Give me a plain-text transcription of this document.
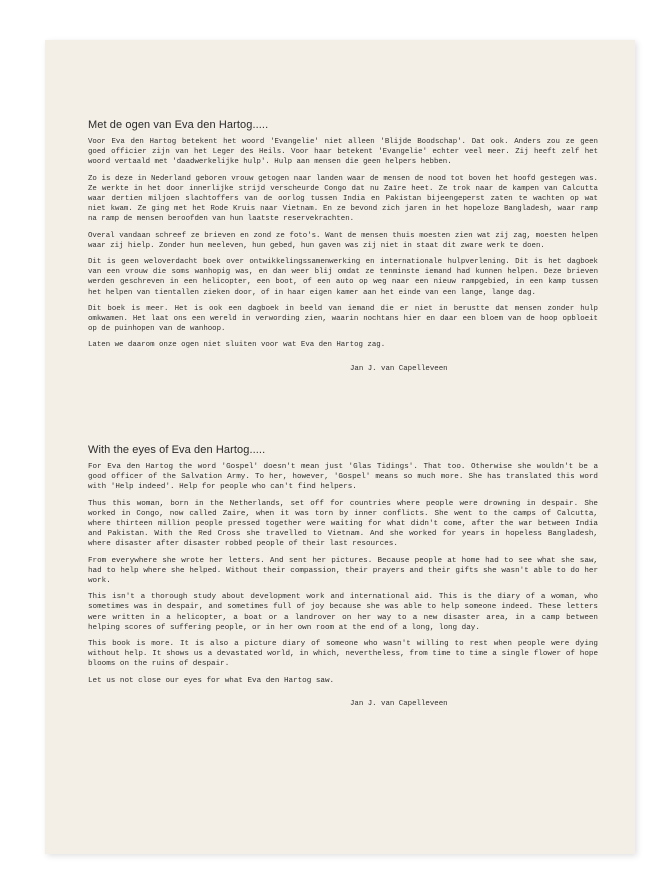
Met de ogen van Eva den Hartog.....

Voor Eva den Hartog betekent het woord 'Evangelie' niet alleen 'Blijde Boodschap'. Dat ook. Anders zou ze geen goed officier zijn van het Leger des Heils. Voor haar betekent 'Evangelie' echter veel meer. Zij heeft zelf het woord vertaald met 'daadwerkelijke hulp'. Hulp aan mensen die geen helpers hebben.

Zo is deze in Nederland geboren vrouw getogen naar landen waar de mensen de nood tot boven het hoofd gestegen was. Ze werkte in het door innerlijke strijd verscheurde Congo dat nu Zaïre heet. Ze trok naar de kampen van Calcutta waar dertien miljoen slachtoffers van de oorlog tussen India en Pakistan bijeengeperst zaten te wachten op wat niet kwam. Ze ging met het Rode Kruis naar Vietnam. En ze bevond zich jaren in het hopeloze Bangladesh, waar ramp na ramp de mensen beroofden van hun laatste reservekrachten.

Overal vandaan schreef ze brieven en zond ze foto's. Want de mensen thuis moesten zien wat zij zag, moesten helpen waar zij hielp. Zonder hun meeleven, hun gebed, hun gaven was zij niet in staat dit zware werk te doen.

Dit is geen weloverdacht boek over ontwikkelingssamenwerking en internationale hulpverlening. Dit is het dagboek van een vrouw die soms wanhopig was, en dan weer blij omdat ze tenminste iemand had kunnen helpen. Deze brieven werden geschreven in een helicopter, een boot, of een auto op weg naar een nieuw rampgebied, in een kamp tussen het helpen van tientallen zieken door, of in haar eigen kamer aan het einde van een lange, lange dag.

Dit boek is meer. Het is ook een dagboek in beeld van iemand die er niet in berustte dat mensen zonder hulp omkwamen. Het laat ons een wereld in verwording zien, waarin nochtans hier en daar een bloem van de hoop opbloeit op de puinhopen van de wanhoop.

Laten we daarom onze ogen niet sluiten voor wat Eva den Hartog zag.

Jan J. van Capelleveen
With the eyes of Eva den Hartog.....

For Eva den Hartog the word 'Gospel' doesn't mean just 'Glas Tidings'. That too. Otherwise she wouldn't be a good officer of the Salvation Army. To her, however, 'Gospel' means so much more. She has translated this word with 'Help indeed'. Help for people who can't find helpers.

Thus this woman, born in the Netherlands, set off for countries where people were drowning in despair. She worked in Congo, now called Zaire, when it was torn by inner conflicts. She went to the camps of Calcutta, where thirteen million people pressed together were waiting for what didn't come, after the war between India and Pakistan. With the Red Cross she travelled to Vietnam. And she worked for years in hopeless Bangladesh, where disaster after disaster robbed people of their last resources.

From everywhere she wrote her letters. And sent her pictures. Because people at home had to see what she saw, had to help where she helped. Without their compassion, their prayers and their gifts she wasn't able to do her work.

This isn't a thorough study about development work and international aid. This is the diary of a woman, who sometimes was in despair, and sometimes full of joy because she was able to help someone indeed. These letters were written in a helicopter, a boat or a landrover on her way to a new disaster area, in a camp between helping scores of suffering people, or in her own room at the end of a long, long day.

This book is more. It is also a picture diary of someone who wasn't willing to rest when people were dying without help. It shows us a devastated world, in which, nevertheless, from time to time a single flower of hope blooms on the ruins of despair.

Let us not close our eyes for what Eva den Hartog saw.

Jan J. van Capelleveen
